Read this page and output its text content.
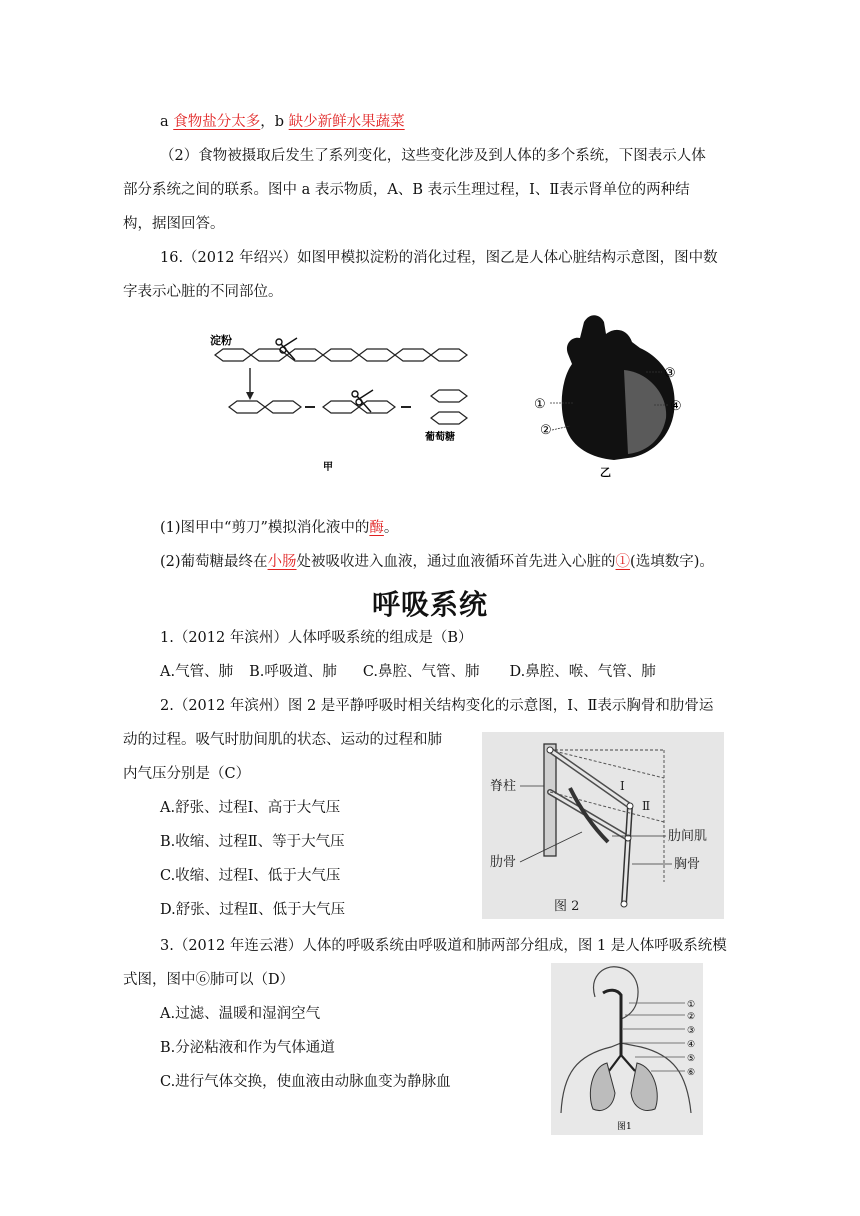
a 食物盐分太多，b 缺少新鲜水果蔬菜
（2）食物被摄取后发生了系列变化，这些变化涉及到人体的多个系统，下图表示人体
部分系统之间的联系。图中 a 表示物质，A、B 表示生理过程，Ⅰ、Ⅱ表示肾单位的两种结
构，据图回答。
16.（2012 年绍兴）如图甲模拟淀粉的消化过程，图乙是人体心脏结构示意图，图中数
字表示心脏的不同部位。
淀粉
葡萄糖
甲
①
②
③
④
乙
(1)图甲中“剪刀”模拟消化液中的酶。
(2)葡萄糖最终在小肠处被吸收进入血液，通过血液循环首先进入心脏的①(选填数字)。
呼吸系统
1.（2012 年滨州）人体呼吸系统的组成是（B）
A.气管、肺 B.呼吸道、肺 C.鼻腔、气管、肺 D.鼻腔、喉、气管、肺
2.（2012 年滨州）图 2 是平静呼吸时相关结构变化的示意图，Ⅰ、Ⅱ表示胸骨和肋骨运
动的过程。吸气时肋间肌的状态、运动的过程和肺
内气压分别是（C）
A.舒张、过程Ⅰ、高于大气压
B.收缩、过程Ⅱ、等于大气压
C.收缩、过程Ⅰ、低于大气压
D.舒张、过程Ⅱ、低于大气压
脊柱
肋骨
肋间肌
胸骨
Ⅰ
Ⅱ
图 2
3.（2012 年连云港）人体的呼吸系统由呼吸道和肺两部分组成，图 1 是人体呼吸系统模
式图，图中⑥肺可以（D）
A.过滤、温暖和湿润空气
B.分泌粘液和作为气体通道
C.进行气体交换，使血液由动脉血变为静脉血
①
②
③
④
⑤
⑥
图1
